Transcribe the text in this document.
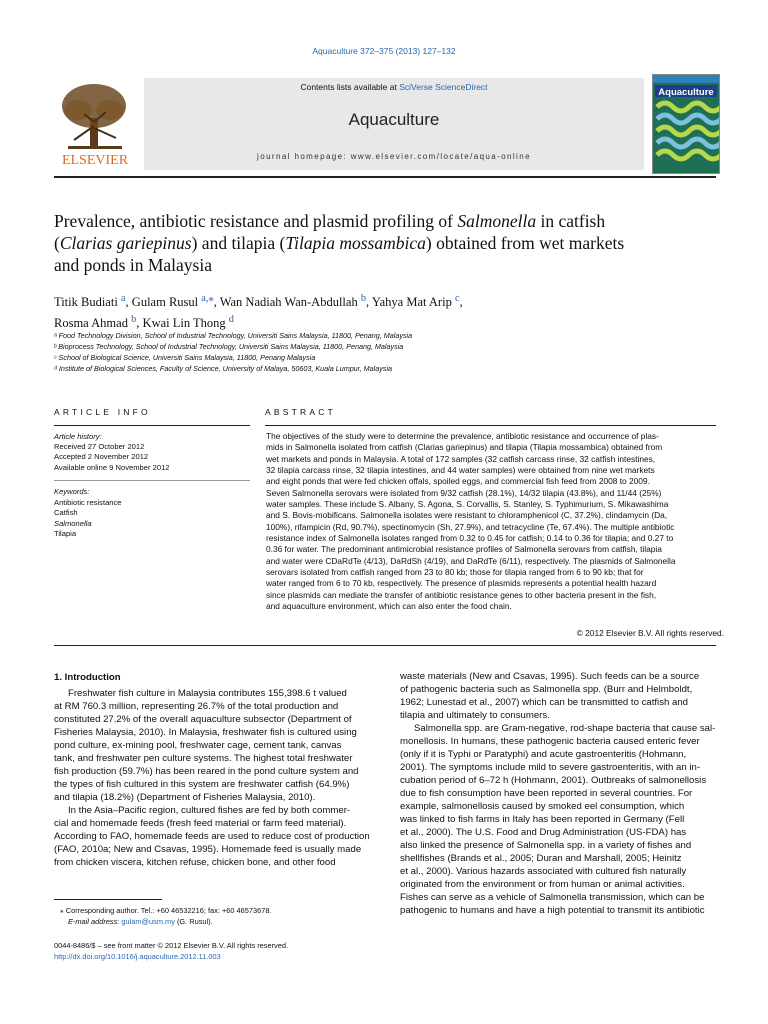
Aquaculture 372–375 (2013) 127–132
ELSEVIER
Contents lists available at SciVerse ScienceDirect
Aquaculture
journal homepage: www.elsevier.com/locate/aqua-online
Aquaculture
Prevalence, antibiotic resistance and plasmid profiling of Salmonella in catfish
(Clarias gariepinus) and tilapia (Tilapia mossambica) obtained from wet markets
and ponds in Malaysia
Titik Budiati $^a$, Gulam Rusul $^{a,⁎}$, Wan Nadiah Wan-Abdullah $^b$, Yahya Mat Arip $^c$,
Rosma Ahmad $^b$, Kwai Lin Thong $^d$
ᵃ Food Technology Division, School of Industrial Technology, Universiti Sains Malaysia, 11800, Penang, Malaysia
ᵇ Bioprocess Technology, School of Industrial Technology, Universiti Sains Malaysia, 11800, Penang, Malaysia
ᶜ School of Biological Science, Universiti Sains Malaysia, 11800, Penang Malaysia
ᵈ Institute of Biological Sciences, Faculty of Science, University of Malaya, 50603, Kuala Lumpur, Malaysia
ARTICLE INFO	ABSTRACT
Article history:
Received 27 October 2012
Accepted 2 November 2012
Available online 9 November 2012
Keywords:
Antibiotic resistance
Catfish
Salmonella
Tilapia
The objectives of the study were to determine the prevalence, antibiotic resistance and occurrence of plas-
mids in Salmonella isolated from catfish (Clarias gariepinus) and tilapia (Tilapia mossambica) obtained from
wet markets and ponds in Malaysia. A total of 172 samples (32 catfish carcass rinse, 32 catfish intestines,
32 tilapia carcass rinse, 32 tilapia intestines, and 44 water samples) were obtained from nine wet markets
and eight ponds that were fed chicken offals, spoiled eggs, and commercial fish feed from 2008 to 2009.
Seven Salmonella serovars were isolated from 9/32 catfish (28.1%), 14/32 tilapia (43.8%), and 11/44 (25%)
water samples. These include S. Albany, S. Agona, S. Corvallis, S. Stanley, S. Typhimurium, S. Mikawashima
and S. Bovis-mobificans. Salmonella isolates were resistant to chloramphenicol (C, 37.2%), clindamycin (Da,
100%), rifampicin (Rd, 90.7%), spectinomycin (Sh, 27.9%), and tetracycline (Te, 67.4%). The multiple antibiotic
resistance index of Salmonella isolates ranged from 0.32 to 0.45 for catfish; 0.14 to 0.36 for tilapia; and 0.27 to
0.36 for water. The predominant antimicrobial resistance profiles of Salmonella serovars from catfish, tilapia
and water were CDaRdTe (4/13), DaRdSh (4/19), and DaRdTe (6/11), respectively. The plasmids of Salmonella
serovars isolated from catfish ranged from 23 to 80 kb; those for tilapia ranged from 6 to 90 kb; that for
water ranged from 6 to 70 kb, respectively. The presence of plasmids represents a potential health hazard
since plasmids can mediate the transfer of antibiotic resistance genes to other bacteria present in the fish,
and aquaculture environment, which can also enter the food chain.
© 2012 Elsevier B.V. All rights reserved.
1. Introduction
Freshwater fish culture in Malaysia contributes 155,398.6 t valued
at RM 760.3 million, representing 26.7% of the total production and
constituted 27.2% of the overall aquaculture subsector (Department of
Fisheries Malaysia, 2010). In Malaysia, freshwater fish is cultured using
pond culture, ex-mining pool, freshwater cage, cement tank, canvas
tank, and freshwater pen culture systems. The highest total freshwater
fish production (59.7%) has been reared in the pond culture system and
the types of fish cultured in this system are freshwater catfish (64.9%)
and tilapia (18.2%) (Department of Fisheries Malaysia, 2010).
In the Asia–Pacific region, cultured fishes are fed by both commer-
cial and homemade feeds (fresh feed material or farm feed material).
According to FAO, homemade feeds are used to reduce cost of production
(FAO, 2010a; New and Csavas, 1995). Homemade feed is usually made
from chicken viscera, kitchen refuse, chicken bone, and other food
waste materials (New and Csavas, 1995). Such feeds can be a source
of pathogenic bacteria such as Salmonella spp. (Burr and Helmboldt,
1962; Lunestad et al., 2007) which can be transmitted to catfish and
tilapia and ultimately to consumers.
Salmonella spp. are Gram-negative, rod-shape bacteria that cause sal-
monellosis. In humans, these pathogenic bacteria caused enteric fever
(only if it is Typhi or Paratyphi) and acute gastroenteritis (Hohmann,
2001). The symptoms include mild to severe gastroenteritis, with an in-
cubation period of 6–72 h (Hohmann, 2001). Outbreaks of salmonellosis
due to fish consumption have been reported in several countries. For
example, salmonellosis caused by smoked eel consumption, which
was linked to fish farms in Italy has been reported in Germany (Fell
et al., 2000). The U.S. Food and Drug Administration (US-FDA) has
also linked the presence of Salmonella spp. in a variety of fishes and
shellfishes (Brands et al., 2005; Duran and Marshall, 2005; Heinitz
et al., 2000). Various hazards associated with cultured fish naturally
originated from the environment or from human or animal activities.
Fishes can serve as a vehicle of Salmonella transmission, which can be
pathogenic to humans and have a high potential to transmit its antibiotic
⁎ Corresponding author. Tel.: +60 46532216; fax: +60 46573678.
E-mail address: gulam@usm.my (G. Rusul).
0044-8486/$ – see front matter © 2012 Elsevier B.V. All rights reserved.
http://dx.doi.org/10.1016/j.aquaculture.2012.11.003
